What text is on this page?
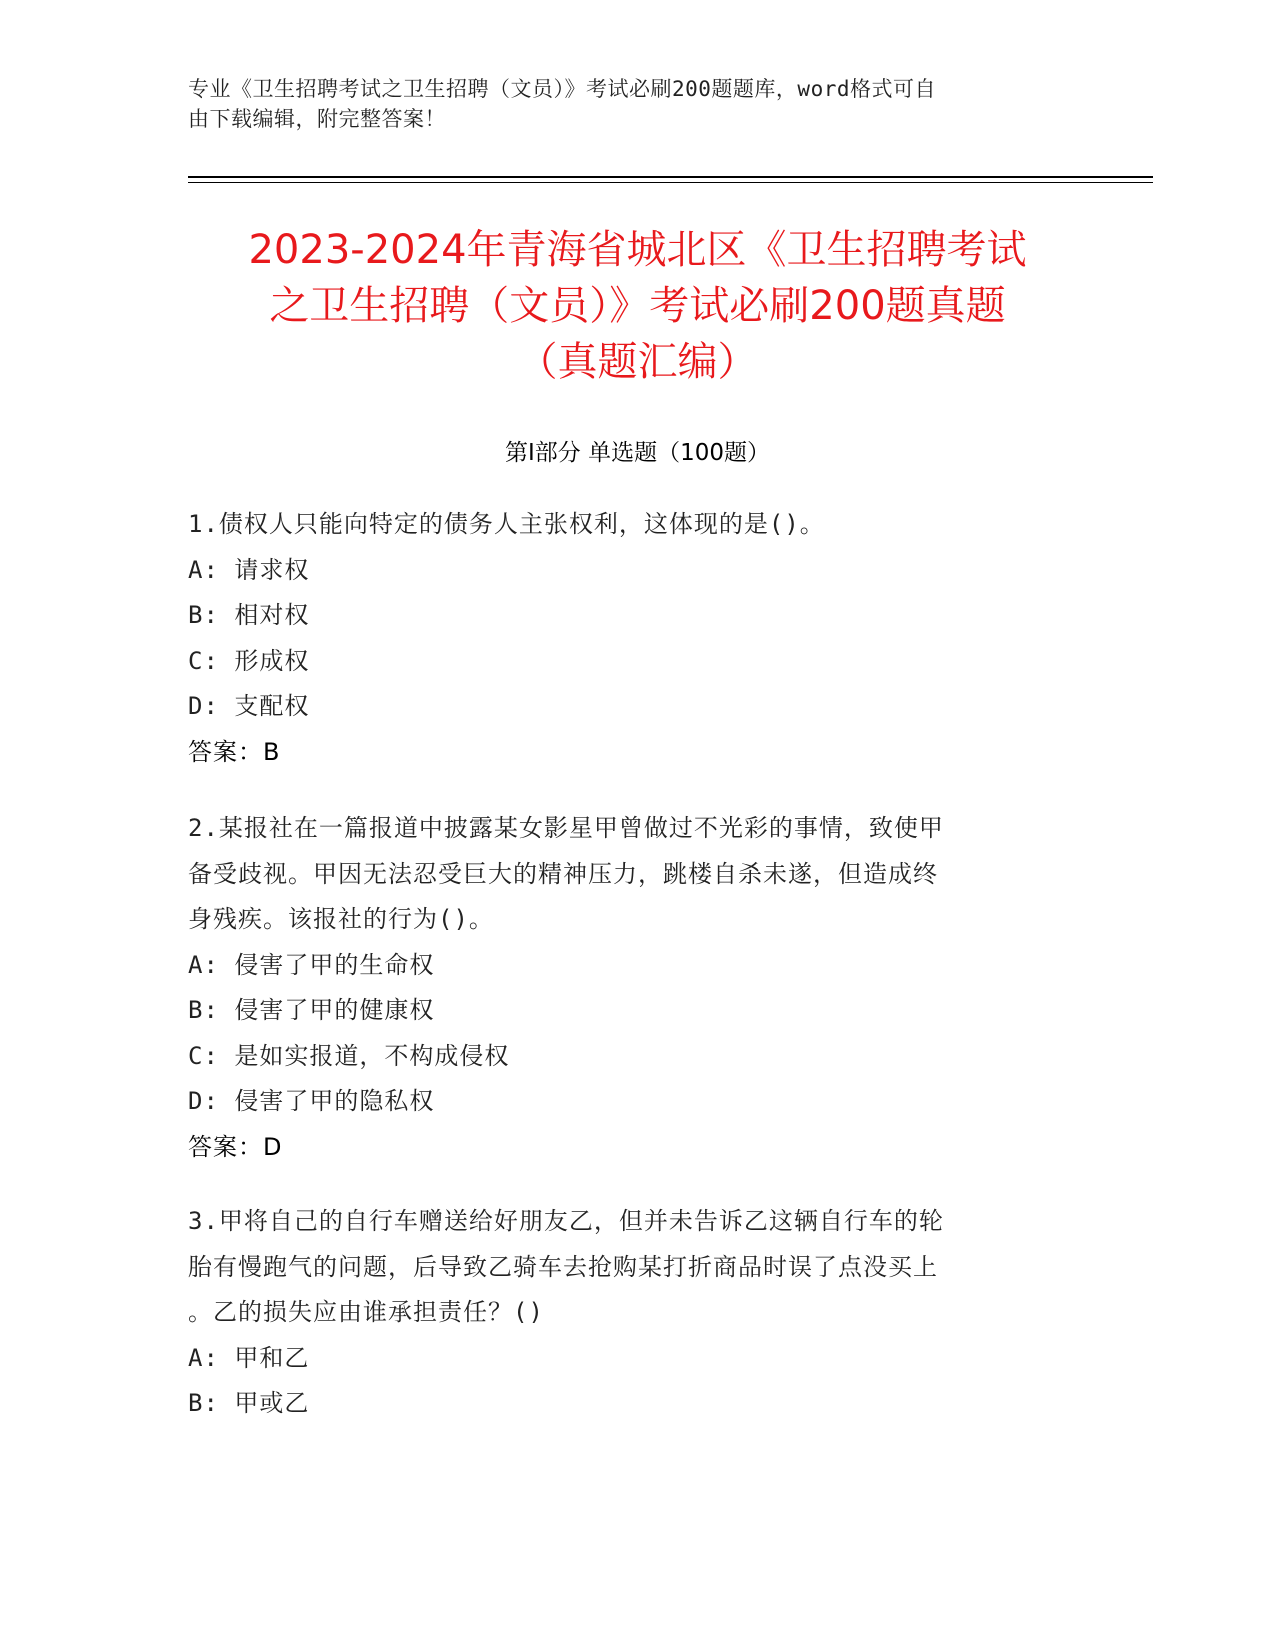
专业《卫生招聘考试之卫生招聘（文员）》考试必刷200题题库，word格式可自
由下载编辑，附完整答案！
2023-2024年青海省城北区《卫生招聘考试
之卫生招聘（文员）》考试必刷200题真题
（真题汇编）
第I部分 单选题（100题）
1.债权人只能向特定的债务人主张权利，这体现的是()。
A: 请求权
B: 相对权
C: 形成权
D: 支配权
答案：B
2.某报社在一篇报道中披露某女影星甲曾做过不光彩的事情，致使甲
备受歧视。甲因无法忍受巨大的精神压力，跳楼自杀未遂，但造成终
身残疾。该报社的行为()。
A: 侵害了甲的生命权
B: 侵害了甲的健康权
C: 是如实报道，不构成侵权
D: 侵害了甲的隐私权
答案：D
3.甲将自己的自行车赠送给好朋友乙，但并未告诉乙这辆自行车的轮
胎有慢跑气的问题，后导致乙骑车去抢购某打折商品时误了点没买上
。乙的损失应由谁承担责任？()
A: 甲和乙
B: 甲或乙
